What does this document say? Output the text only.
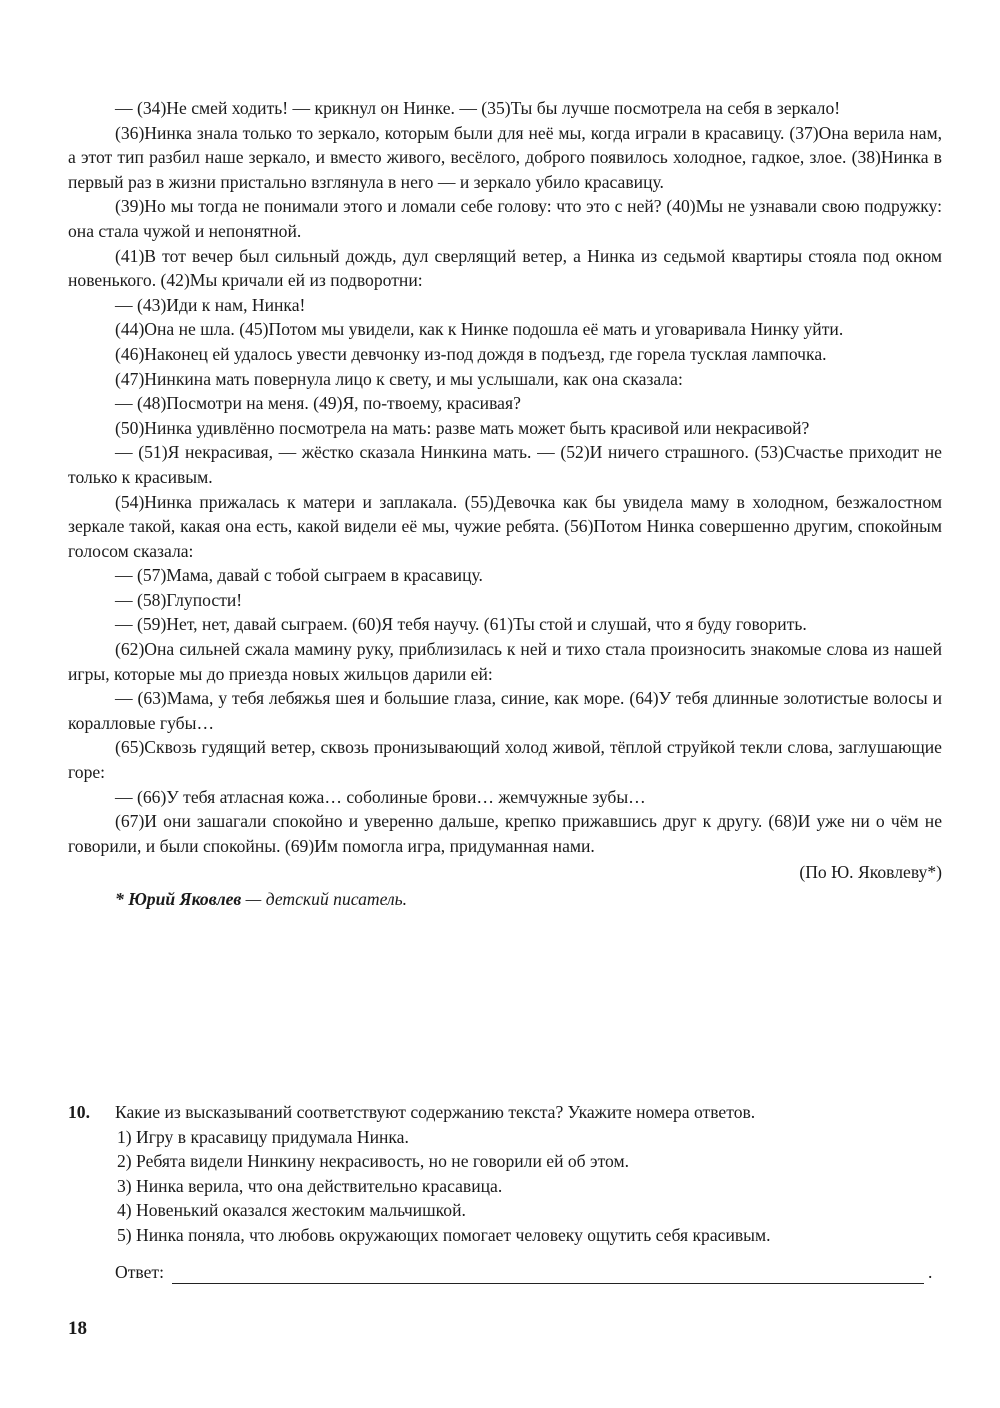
— (34)Не смей ходить! — крикнул он Нинке. — (35)Ты бы лучше посмотрела на себя в зеркало!

(36)Нинка знала только то зеркало, которым были для неё мы, когда играли в красавицу. (37)Она верила нам, а этот тип разбил наше зеркало, и вместо живого, весёлого, доброго появилось холодное, гадкое, злое. (38)Нинка в первый раз в жизни пристально взглянула в него — и зеркало убило красавицу.

(39)Но мы тогда не понимали этого и ломали себе голову: что это с ней? (40)Мы не узнавали свою подружку: она стала чужой и непонятной.

(41)В тот вечер был сильный дождь, дул сверлящий ветер, а Нинка из седьмой квартиры стояла под окном новенького. (42)Мы кричали ей из подворотни:

— (43)Иди к нам, Нинка!

(44)Она не шла. (45)Потом мы увидели, как к Нинке подошла её мать и уговаривала Нинку уйти.

(46)Наконец ей удалось увести девчонку из-под дождя в подъезд, где горела тусклая лампочка.

(47)Нинкина мать повернула лицо к свету, и мы услышали, как она сказала:

— (48)Посмотри на меня. (49)Я, по-твоему, красивая?

(50)Нинка удивлённо посмотрела на мать: разве мать может быть красивой или некрасивой?

— (51)Я некрасивая, — жёстко сказала Нинкина мать. — (52)И ничего страшного. (53)Счастье приходит не только к красивым.

(54)Нинка прижалась к матери и заплакала. (55)Девочка как бы увидела маму в холодном, безжалостном зеркале такой, какая она есть, какой видели её мы, чужие ребята. (56)Потом Нинка совершенно другим, спокойным голосом сказала:

— (57)Мама, давай с тобой сыграем в красавицу.

— (58)Глупости!

— (59)Нет, нет, давай сыграем. (60)Я тебя научу. (61)Ты стой и слушай, что я буду говорить.

(62)Она сильней сжала мамину руку, приблизилась к ней и тихо стала произносить знакомые слова из нашей игры, которые мы до приезда новых жильцов дарили ей:

— (63)Мама, у тебя лебяжья шея и большие глаза, синие, как море. (64)У тебя длинные золотистые волосы и коралловые губы…

(65)Сквозь гудящий ветер, сквозь пронизывающий холод живой, тёплой струйкой текли слова, заглушающие горе:

— (66)У тебя атласная кожа… соболиные брови… жемчужные зубы…

(67)И они зашагали спокойно и уверенно дальше, крепко прижавшись друг к другу. (68)И уже ни о чём не говорили, и были спокойны. (69)Им помогла игра, придуманная нами.

(По Ю. Яковлеву*)
* Юрий Яковлев — детский писатель.
10. Какие из высказываний соответствуют содержанию текста? Укажите номера ответов.
1) Игру в красавицу придумала Нинка.
2) Ребята видели Нинкину некрасивость, но не говорили ей об этом.
3) Нинка верила, что она действительно красавица.
4) Новенький оказался жестоким мальчишкой.
5) Нинка поняла, что любовь окружающих помогает человеку ощутить себя красивым.
Ответ:	.
18
